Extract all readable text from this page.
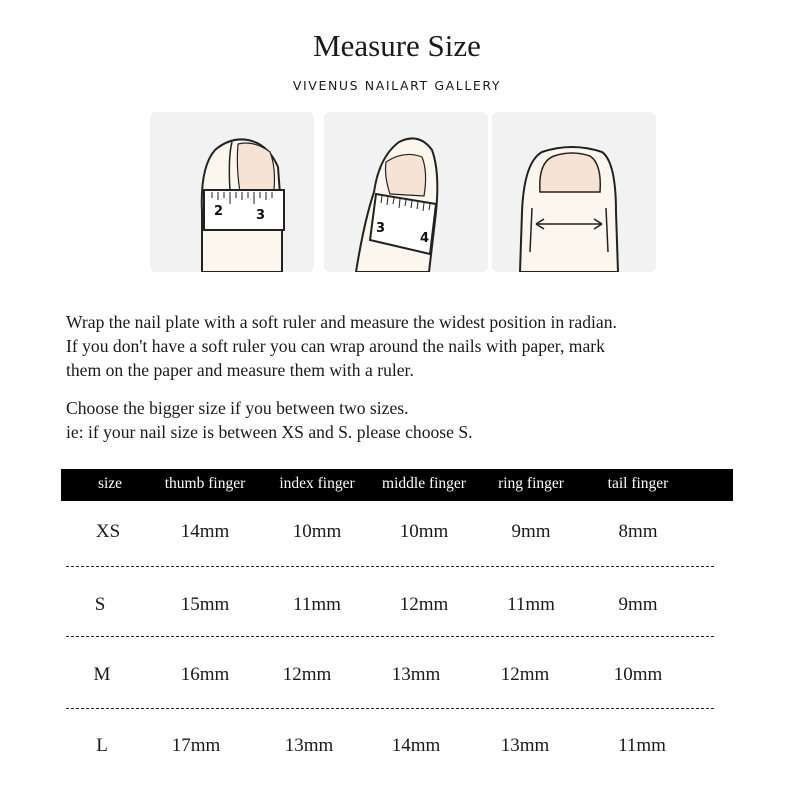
Measure Size
VIVENUS NAILART GALLERY
2	3
3
4
Wrap the nail plate with a soft ruler and measure the widest position in radian.
If you don't have a soft ruler you can wrap around the nails with paper, mark
them on the paper and measure them with a ruler.
Choose the bigger size if you between two sizes.
ie: if your nail size is between XS and S. please choose S.
size	thumb finger	index finger	middle finger	ring finger	tail finger
XS	14mm	10mm	10mm	9mm	8mm
S	15mm	11mm	12mm	11mm	9mm
M	16mm	12mm	13mm	12mm	10mm
L	17mm	13mm	14mm	13mm	11mm
